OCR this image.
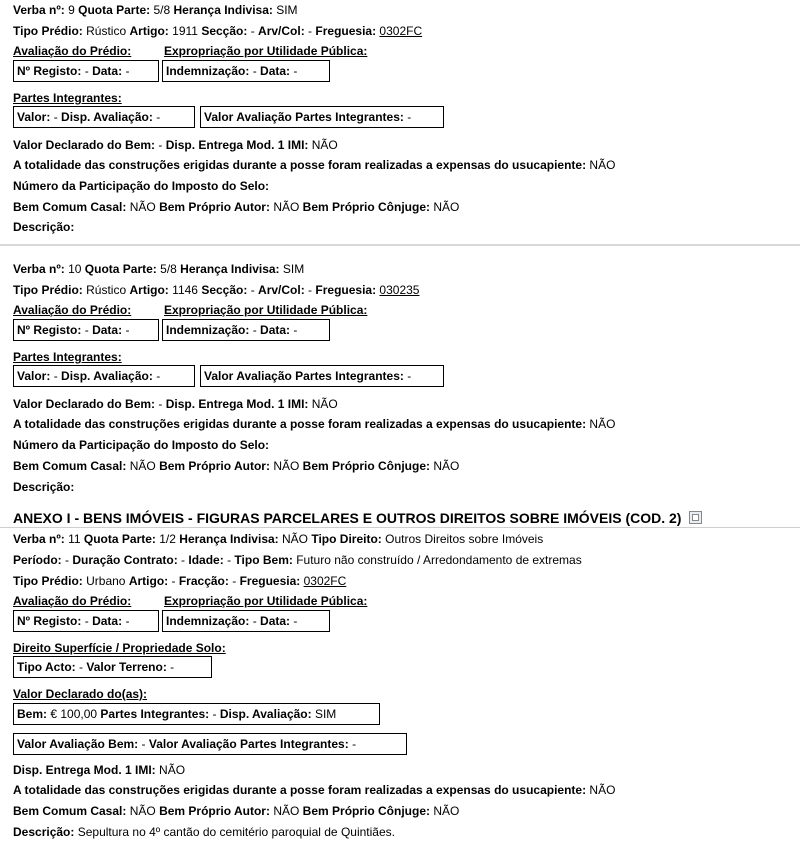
Verba nº: 9 Quota Parte: 5/8 Herança Indivisa: SIM
Tipo Prédio: Rústico Artigo: 1911 Secção: - Arv/Col: - Freguesia: 0302FC
Avaliação do Prédio:	Expropriação por Utilidade Pública:
Nº Registo: - Data: -	Indemnização: - Data: -
Partes Integrantes:
Valor: - Disp. Avaliação: -	Valor Avaliação Partes Integrantes: -
Valor Declarado do Bem: - Disp. Entrega Mod. 1 IMI: NÃO
A totalidade das construções erigidas durante a posse foram realizadas a expensas do usucapiente: NÃO
Número da Participação do Imposto do Selo:
Bem Comum Casal: NÃO Bem Próprio Autor: NÃO Bem Próprio Cônjuge: NÃO
Descrição:
Verba nº: 10 Quota Parte: 5/8 Herança Indivisa: SIM
Tipo Prédio: Rústico Artigo: 1146 Secção: - Arv/Col: - Freguesia: 030235
Avaliação do Prédio:	Expropriação por Utilidade Pública:
Nº Registo: - Data: -	Indemnização: - Data: -
Partes Integrantes:
Valor: - Disp. Avaliação: -	Valor Avaliação Partes Integrantes: -
Valor Declarado do Bem: - Disp. Entrega Mod. 1 IMI: NÃO
A totalidade das construções erigidas durante a posse foram realizadas a expensas do usucapiente: NÃO
Número da Participação do Imposto do Selo:
Bem Comum Casal: NÃO Bem Próprio Autor: NÃO Bem Próprio Cônjuge: NÃO
Descrição:
ANEXO I - BENS IMÓVEIS - FIGURAS PARCELARES E OUTROS DIREITOS SOBRE IMÓVEIS (COD. 2)
Verba nº: 11 Quota Parte: 1/2 Herança Indivisa: NÃO Tipo Direito: Outros Direitos sobre Imóveis
Período: - Duração Contrato: - Idade: - Tipo Bem: Futuro não construído / Arredondamento de extremas
Tipo Prédio: Urbano Artigo: - Fracção: - Freguesia: 0302FC
Avaliação do Prédio:	Expropriação por Utilidade Pública:
Nº Registo: - Data: -	Indemnização: - Data: -
Direito Superfície / Propriedade Solo:
Tipo Acto: - Valor Terreno: -
Valor Declarado do(as):
Bem: € 100,00 Partes Integrantes: - Disp. Avaliação: SIM
Valor Avaliação Bem: - Valor Avaliação Partes Integrantes: -
Disp. Entrega Mod. 1 IMI: NÃO
A totalidade das construções erigidas durante a posse foram realizadas a expensas do usucapiente: NÃO
Bem Comum Casal: NÃO Bem Próprio Autor: NÃO Bem Próprio Cônjuge: NÃO
Descrição: Sepultura no 4º cantão do cemitério paroquial de Quintiães.
